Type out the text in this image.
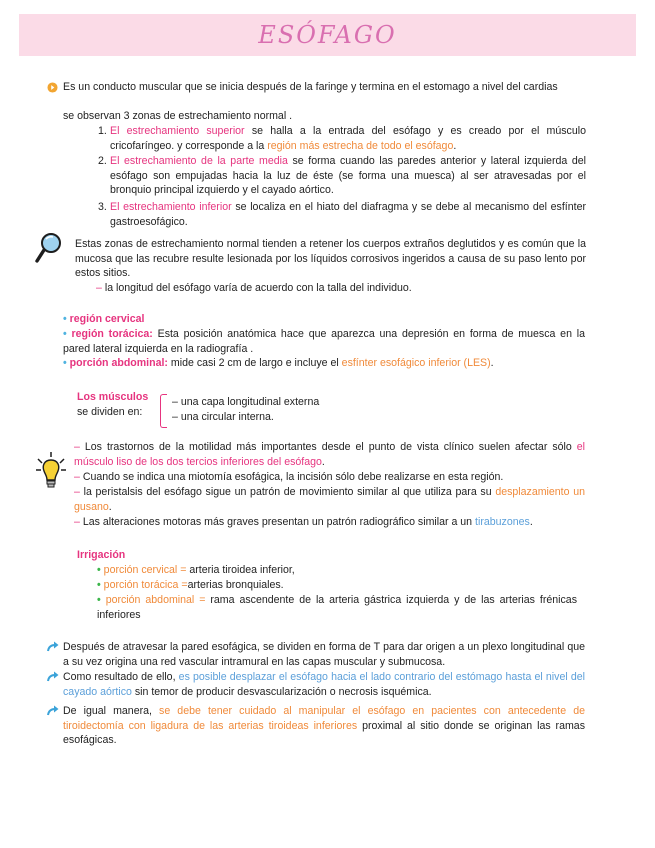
ESÓFAGO
Es un conducto muscular que se inicia después de la faringe y termina en el estomago a nivel del cardias
se observan 3 zonas de estrechamiento normal .
1. El estrechamiento superior se halla a la entrada del esófago y es creado por el músculo cricofaríngeo. y corresponde a la región más estrecha de todo el esófago.
2. El estrechamiento de la parte media se forma cuando las paredes anterior y lateral izquierda del esófago son empujadas hacia la luz de éste (se forma una muesca) al ser atravesadas por el bronquio principal izquierdo y el cayado aórtico.
3. El estrechamiento inferior se localiza en el hiato del diafragma y se debe al mecanismo del esfínter gastroesofágico.
Estas zonas de estrechamiento normal tienden a retener los cuerpos extraños deglutidos y es común que la mucosa que las recubre resulte lesionada por los líquidos corrosivos ingeridos a causa de su paso lento por estos sitios.
– la longitud del esófago varía de acuerdo con la talla del individuo.
• región cervical
• región torácica: Esta posición anatómica hace que aparezca una depresión en forma de muesca en la pared lateral izquierda en la radiografía .
• porción abdominal: mide casi 2 cm de largo e incluye el esfínter esofágico inferior (LES).
Los músculos
se dividen en:
– una capa longitudinal externa
– una circular interna.
– Los trastornos de la motilidad más importantes desde el punto de vista clínico suelen afectar sólo el músculo liso de los dos tercios inferiores del esófago.
– Cuando se indica una miotomía esofágica, la incisión sólo debe realizarse en esta región.
– la peristalsis del esófago sigue un patrón de movimiento similar al que utiliza para su desplazamiento un gusano.
– Las alteraciones motoras más graves presentan un patrón radiográfico similar a un tirabuzones.
Irrigación
• porción cervical = arteria tiroidea inferior,
• porción torácica =arterias bronquiales.
• porción abdominal = rama ascendente de la arteria gástrica izquierda y de las arterias frénicas inferiores
Después de atravesar la pared esofágica, se dividen en forma de T para dar origen a un plexo longitudinal que a su vez origina una red vascular intramural en las capas muscular y submucosa.
Como resultado de ello, es posible desplazar el esófago hacia el lado contrario del estómago hasta el nivel del cayado aórtico sin temor de producir desvascularización o necrosis isquémica.
De igual manera, se debe tener cuidado al manipular el esófago en pacientes con antecedente de tiroidectomía con ligadura de las arterias tiroideas inferiores proximal al sitio donde se originan las ramas esofágicas.
